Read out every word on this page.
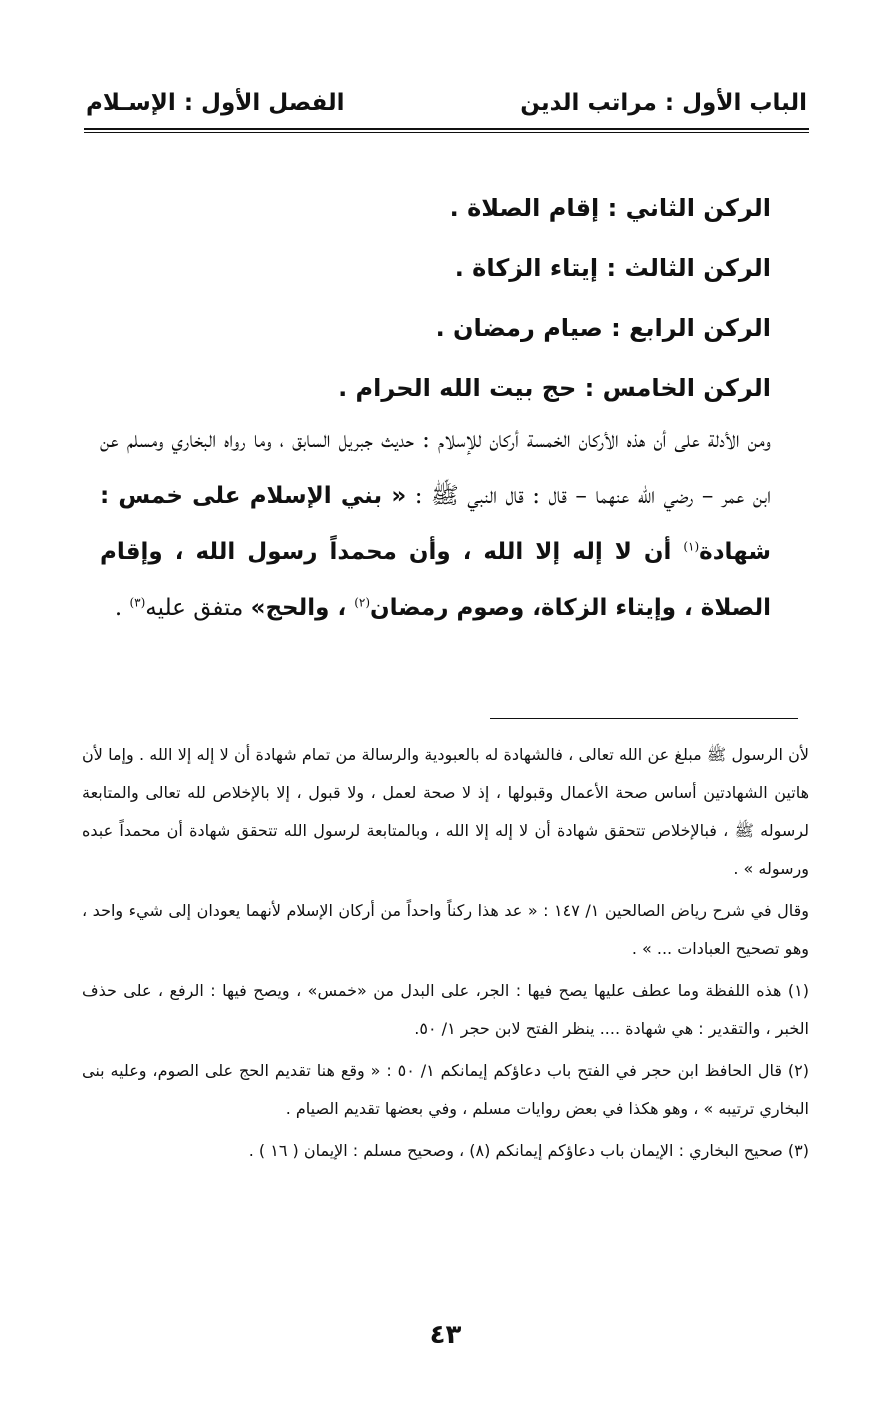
الباب الأول : مراتب الدين
الفصل الأول : الإسـلام
الركن الثاني : إقام الصلاة .
الركن الثالث : إيتاء الزكاة .
الركن الرابع : صيام رمضان .
الركن الخامس : حج بيت الله الحرام .
ومن الأدلة على أن هذه الأركان الخمسة أركان للإسلام : حديث جبريل السابق ، وما رواه البخاري ومسلم عن ابن عمر – رضي الله عنهما – قال : قال النبي ﷺ : « بني الإسلام على خمس : شهادة$^{(١)}$ أن لا إله إلا الله ، وأن محمداً رسول الله ، وإقام الصلاة ، وإيتاء الزكاة، وصوم رمضان$^{(٢)}$ ، والحج» متفق عليه$^{(٣)}$ .

لأن الرسول ﷺ مبلغ عن الله تعالى ، فالشهادة له بالعبودية والرسالة من تمام شهادة أن لا إله إلا الله . وإما لأن هاتين الشهادتين أساس صحة الأعمال وقبولها ، إذ لا صحة لعمل ، ولا قبول ، إلا بالإخلاص لله تعالى والمتابعة لرسوله ﷺ ، فبالإخلاص تتحقق شهادة أن لا إله إلا الله ، وبالمتابعة لرسول الله تتحقق شهادة أن محمداً عبده ورسوله » .

وقال في شرح رياض الصالحين ١/ ١٤٧ : « عد هذا ركناً واحداً من أركان الإسلام لأنهما يعودان إلى شيء واحد ، وهو تصحيح العبادات ... » .

(١) هذه اللفظة وما عطف عليها يصح فيها : الجر، على البدل من «خمس» ، ويصح فيها : الرفع ، على حذف الخبر ، والتقدير : هي شهادة .... ينظر الفتح لابن حجر ١/ ٥٠.

(٢) قال الحافظ ابن حجر في الفتح باب دعاؤكم إيمانكم ١/ ٥٠ : « وقع هنا تقديم الحج على الصوم، وعليه بنى البخاري ترتيبه » ، وهو هكذا في بعض روايات مسلم ، وفي بعضها تقديم الصيام .

(٣) صحيح البخاري : الإيمان باب دعاؤكم إيمانكم (٨) ، وصحيح مسلم : الإيمان ( ١٦ ) .

٤٣
